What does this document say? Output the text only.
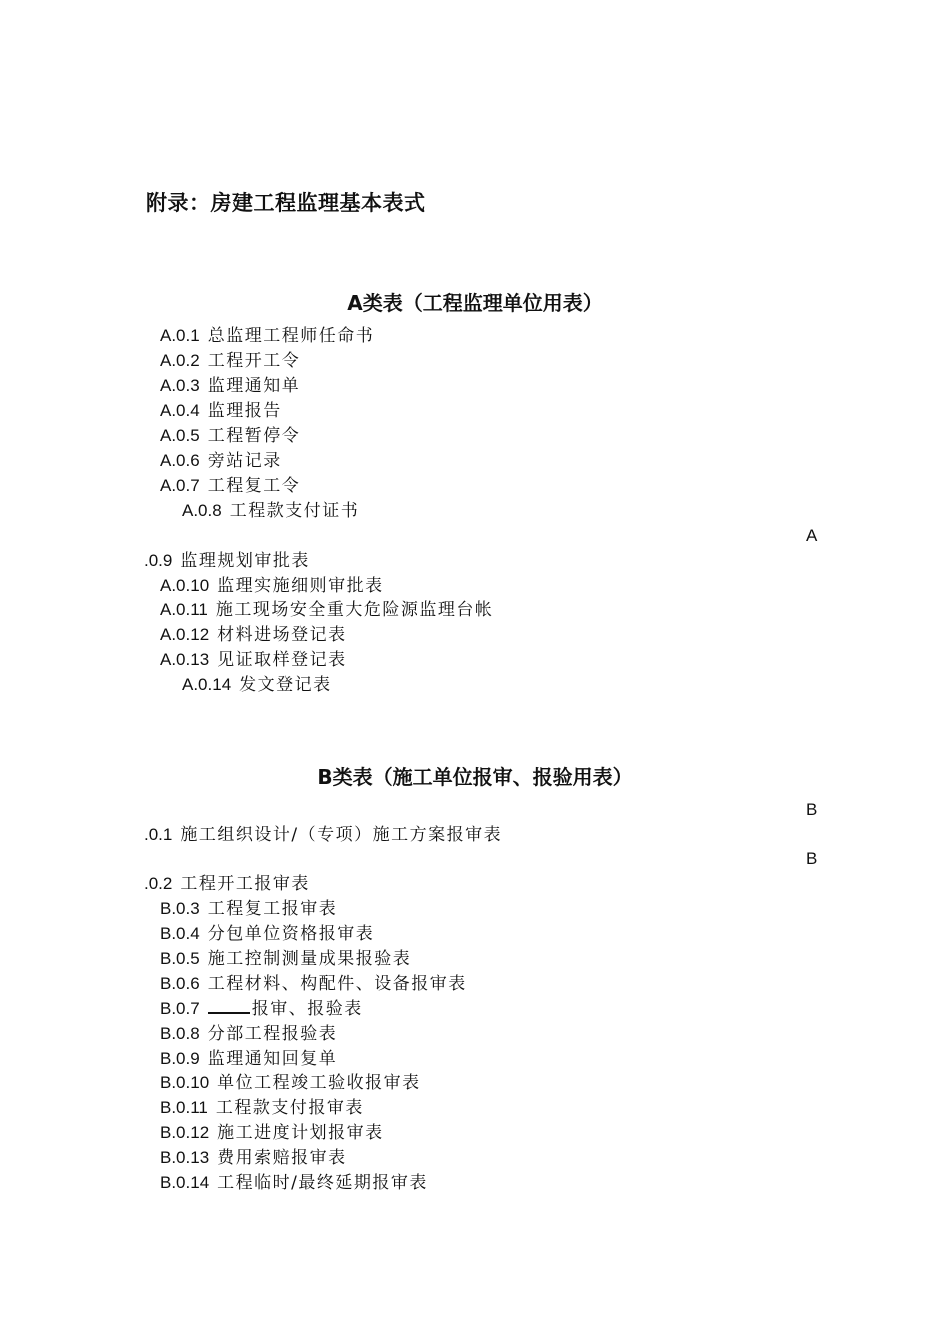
附录：房建工程监理基本表式
A类表（工程监理单位用表）
A.0.1 总监理工程师任命书
A.0.2 工程开工令
A.0.3 监理通知单
A.0.4 监理报告
A.0.5 工程暂停令
A.0.6 旁站记录
A.0.7 工程复工令
A.0.8 工程款支付证书
A
.0.9 监理规划审批表
A.0.10 监理实施细则审批表
A.0.11 施工现场安全重大危险源监理台帐
A.0.12 材料进场登记表
A.0.13 见证取样登记表
A.0.14 发文登记表
B类表（施工单位报审、报验用表）
B
.0.1 施工组织设计/（专项）施工方案报审表
B
.0.2 工程开工报审表
B.0.3 工程复工报审表
B.0.4 分包单位资格报审表
B.0.5 施工控制测量成果报验表
B.0.6 工程材料、构配件、设备报审表
B.0.7	报审、报验表
B.0.8 分部工程报验表
B.0.9 监理通知回复单
B.0.10 单位工程竣工验收报审表
B.0.11 工程款支付报审表
B.0.12 施工进度计划报审表
B.0.13 费用索赔报审表
B.0.14 工程临时/最终延期报审表
